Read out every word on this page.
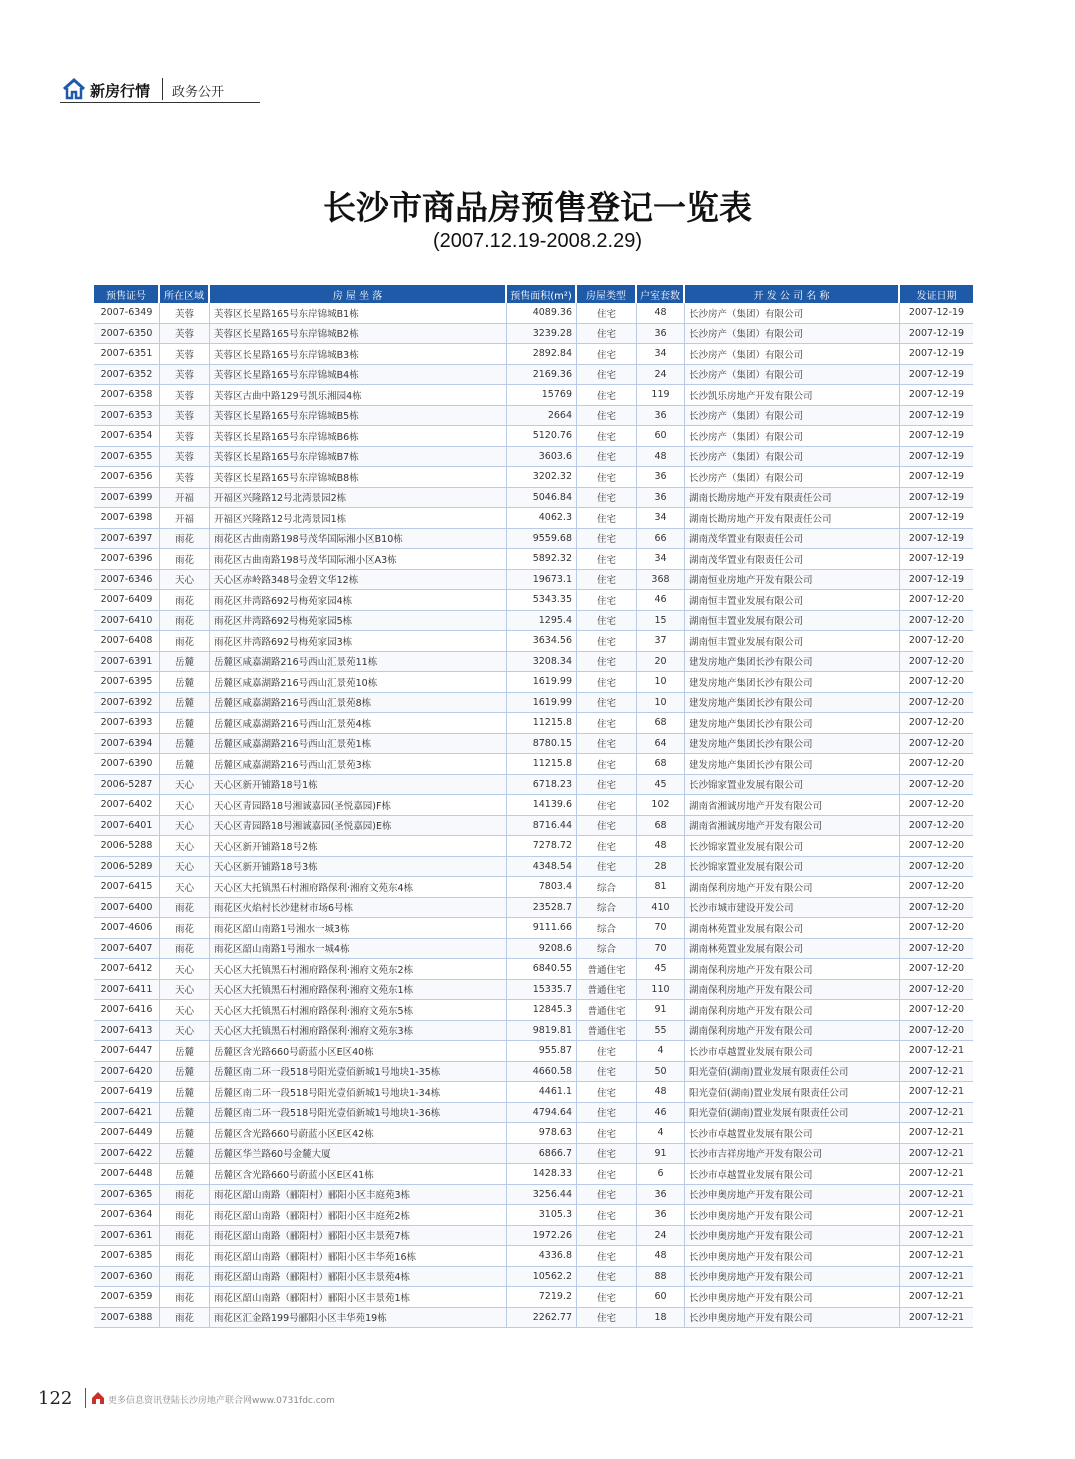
新房行情 政务公开
长沙市商品房预售登记一览表
(2007.12.19-2008.2.29)
预售证号	所在区域	房 屋 坐 落	预售面积(m²)	房屋类型	户室套数	开 发 公 司 名 称	发证日期
2007-6349	芙蓉	芙蓉区长星路165号东岸锦城B1栋	4089.36	住宅	48	长沙房产（集团）有限公司	2007-12-19
2007-6350	芙蓉	芙蓉区长星路165号东岸锦城B2栋	3239.28	住宅	36	长沙房产（集团）有限公司	2007-12-19
2007-6351	芙蓉	芙蓉区长星路165号东岸锦城B3栋	2892.84	住宅	34	长沙房产（集团）有限公司	2007-12-19
2007-6352	芙蓉	芙蓉区长星路165号东岸锦城B4栋	2169.36	住宅	24	长沙房产（集团）有限公司	2007-12-19
2007-6358	芙蓉	芙蓉区古曲中路129号凯乐湘园4栋	15769	住宅	119	长沙凯乐房地产开发有限公司	2007-12-19
2007-6353	芙蓉	芙蓉区长星路165号东岸锦城B5栋	2664	住宅	36	长沙房产（集团）有限公司	2007-12-19
2007-6354	芙蓉	芙蓉区长星路165号东岸锦城B6栋	5120.76	住宅	60	长沙房产（集团）有限公司	2007-12-19
2007-6355	芙蓉	芙蓉区长星路165号东岸锦城B7栋	3603.6	住宅	48	长沙房产（集团）有限公司	2007-12-19
2007-6356	芙蓉	芙蓉区长星路165号东岸锦城B8栋	3202.32	住宅	36	长沙房产（集团）有限公司	2007-12-19
2007-6399	开福	开福区兴隆路12号北湾景园2栋	5046.84	住宅	36	湖南长勘房地产开发有限责任公司	2007-12-19
2007-6398	开福	开福区兴隆路12号北湾景园1栋	4062.3	住宅	34	湖南长勘房地产开发有限责任公司	2007-12-19
2007-6397	雨花	雨花区古曲南路198号茂华国际湘小区B10栋	9559.68	住宅	66	湖南茂华置业有限责任公司	2007-12-19
2007-6396	雨花	雨花区古曲南路198号茂华国际湘小区A3栋	5892.32	住宅	34	湖南茂华置业有限责任公司	2007-12-19
2007-6346	天心	天心区赤岭路348号金碧文华12栋	19673.1	住宅	368	湖南恒业房地产开发有限公司	2007-12-19
2007-6409	雨花	雨花区井湾路692号梅苑家园4栋	5343.35	住宅	46	湖南恒丰置业发展有限公司	2007-12-20
2007-6410	雨花	雨花区井湾路692号梅苑家园5栋	1295.4	住宅	15	湖南恒丰置业发展有限公司	2007-12-20
2007-6408	雨花	雨花区井湾路692号梅苑家园3栋	3634.56	住宅	37	湖南恒丰置业发展有限公司	2007-12-20
2007-6391	岳麓	岳麓区咸嘉湖路216号西山汇景苑11栋	3208.34	住宅	20	建发房地产集团长沙有限公司	2007-12-20
2007-6395	岳麓	岳麓区咸嘉湖路216号西山汇景苑10栋	1619.99	住宅	10	建发房地产集团长沙有限公司	2007-12-20
2007-6392	岳麓	岳麓区咸嘉湖路216号西山汇景苑8栋	1619.99	住宅	10	建发房地产集团长沙有限公司	2007-12-20
2007-6393	岳麓	岳麓区咸嘉湖路216号西山汇景苑4栋	11215.8	住宅	68	建发房地产集团长沙有限公司	2007-12-20
2007-6394	岳麓	岳麓区咸嘉湖路216号西山汇景苑1栋	8780.15	住宅	64	建发房地产集团长沙有限公司	2007-12-20
2007-6390	岳麓	岳麓区咸嘉湖路216号西山汇景苑3栋	11215.8	住宅	68	建发房地产集团长沙有限公司	2007-12-20
2006-5287	天心	天心区新开铺路18号1栋	6718.23	住宅	45	长沙锦家置业发展有限公司	2007-12-20
2007-6402	天心	天心区青园路18号湘诚嘉园(圣悦嘉园)F栋	14139.6	住宅	102	湖南省湘诚房地产开发有限公司	2007-12-20
2007-6401	天心	天心区青园路18号湘诚嘉园(圣悦嘉园)E栋	8716.44	住宅	68	湖南省湘诚房地产开发有限公司	2007-12-20
2006-5288	天心	天心区新开铺路18号2栋	7278.72	住宅	48	长沙锦家置业发展有限公司	2007-12-20
2006-5289	天心	天心区新开铺路18号3栋	4348.54	住宅	28	长沙锦家置业发展有限公司	2007-12-20
2007-6415	天心	天心区大托镇黑石村湘府路保利·湘府文苑东4栋	7803.4	综合	81	湖南保利房地产开发有限公司	2007-12-20
2007-6400	雨花	雨花区火焰村长沙建材市场6号栋	23528.7	综合	410	长沙市城市建设开发公司	2007-12-20
2007-4606	雨花	雨花区韶山南路1号湘水一城3栋	9111.66	综合	70	湖南林苑置业发展有限公司	2007-12-20
2007-6407	雨花	雨花区韶山南路1号湘水一城4栋	9208.6	综合	70	湖南林苑置业发展有限公司	2007-12-20
2007-6412	天心	天心区大托镇黑石村湘府路保利·湘府文苑东2栋	6840.55	普通住宅	45	湖南保利房地产开发有限公司	2007-12-20
2007-6411	天心	天心区大托镇黑石村湘府路保利·湘府文苑东1栋	15335.7	普通住宅	110	湖南保利房地产开发有限公司	2007-12-20
2007-6416	天心	天心区大托镇黑石村湘府路保利·湘府文苑东5栋	12845.3	普通住宅	91	湖南保利房地产开发有限公司	2007-12-20
2007-6413	天心	天心区大托镇黑石村湘府路保利·湘府文苑东3栋	9819.81	普通住宅	55	湖南保利房地产开发有限公司	2007-12-20
2007-6447	岳麓	岳麓区含光路660号蔚蓝小区E区40栋	955.87	住宅	4	长沙市卓越置业发展有限公司	2007-12-21
2007-6420	岳麓	岳麓区南二环一段518号阳光壹佰新城1号地块1-35栋	4660.58	住宅	50	阳光壹佰(湖南)置业发展有限责任公司	2007-12-21
2007-6419	岳麓	岳麓区南二环一段518号阳光壹佰新城1号地块1-34栋	4461.1	住宅	48	阳光壹佰(湖南)置业发展有限责任公司	2007-12-21
2007-6421	岳麓	岳麓区南二环一段518号阳光壹佰新城1号地块1-36栋	4794.64	住宅	46	阳光壹佰(湖南)置业发展有限责任公司	2007-12-21
2007-6449	岳麓	岳麓区含光路660号蔚蓝小区E区42栋	978.63	住宅	4	长沙市卓越置业发展有限公司	2007-12-21
2007-6422	岳麓	岳麓区华兰路60号金麓大厦	6866.7	住宅	91	长沙市吉祥房地产开发有限公司	2007-12-21
2007-6448	岳麓	岳麓区含光路660号蔚蓝小区E区41栋	1428.33	住宅	6	长沙市卓越置业发展有限公司	2007-12-21
2007-6365	雨花	雨花区韶山南路（郦阳村）郦阳小区丰庭苑3栋	3256.44	住宅	36	长沙申奥房地产开发有限公司	2007-12-21
2007-6364	雨花	雨花区韶山南路（郦阳村）郦阳小区丰庭苑2栋	3105.3	住宅	36	长沙申奥房地产开发有限公司	2007-12-21
2007-6361	雨花	雨花区韶山南路（郦阳村）郦阳小区丰景苑7栋	1972.26	住宅	24	长沙申奥房地产开发有限公司	2007-12-21
2007-6385	雨花	雨花区韶山南路（郦阳村）郦阳小区丰华苑16栋	4336.8	住宅	48	长沙申奥房地产开发有限公司	2007-12-21
2007-6360	雨花	雨花区韶山南路（郦阳村）郦阳小区丰景苑4栋	10562.2	住宅	88	长沙申奥房地产开发有限公司	2007-12-21
2007-6359	雨花	雨花区韶山南路（郦阳村）郦阳小区丰景苑1栋	7219.2	住宅	60	长沙申奥房地产开发有限公司	2007-12-21
2007-6388	雨花	雨花区汇金路199号郦阳小区丰华苑19栋	2262.77	住宅	18	长沙申奥房地产开发有限公司	2007-12-21
122	更多信息资讯登陆长沙房地产联合网www.0731fdc.com
